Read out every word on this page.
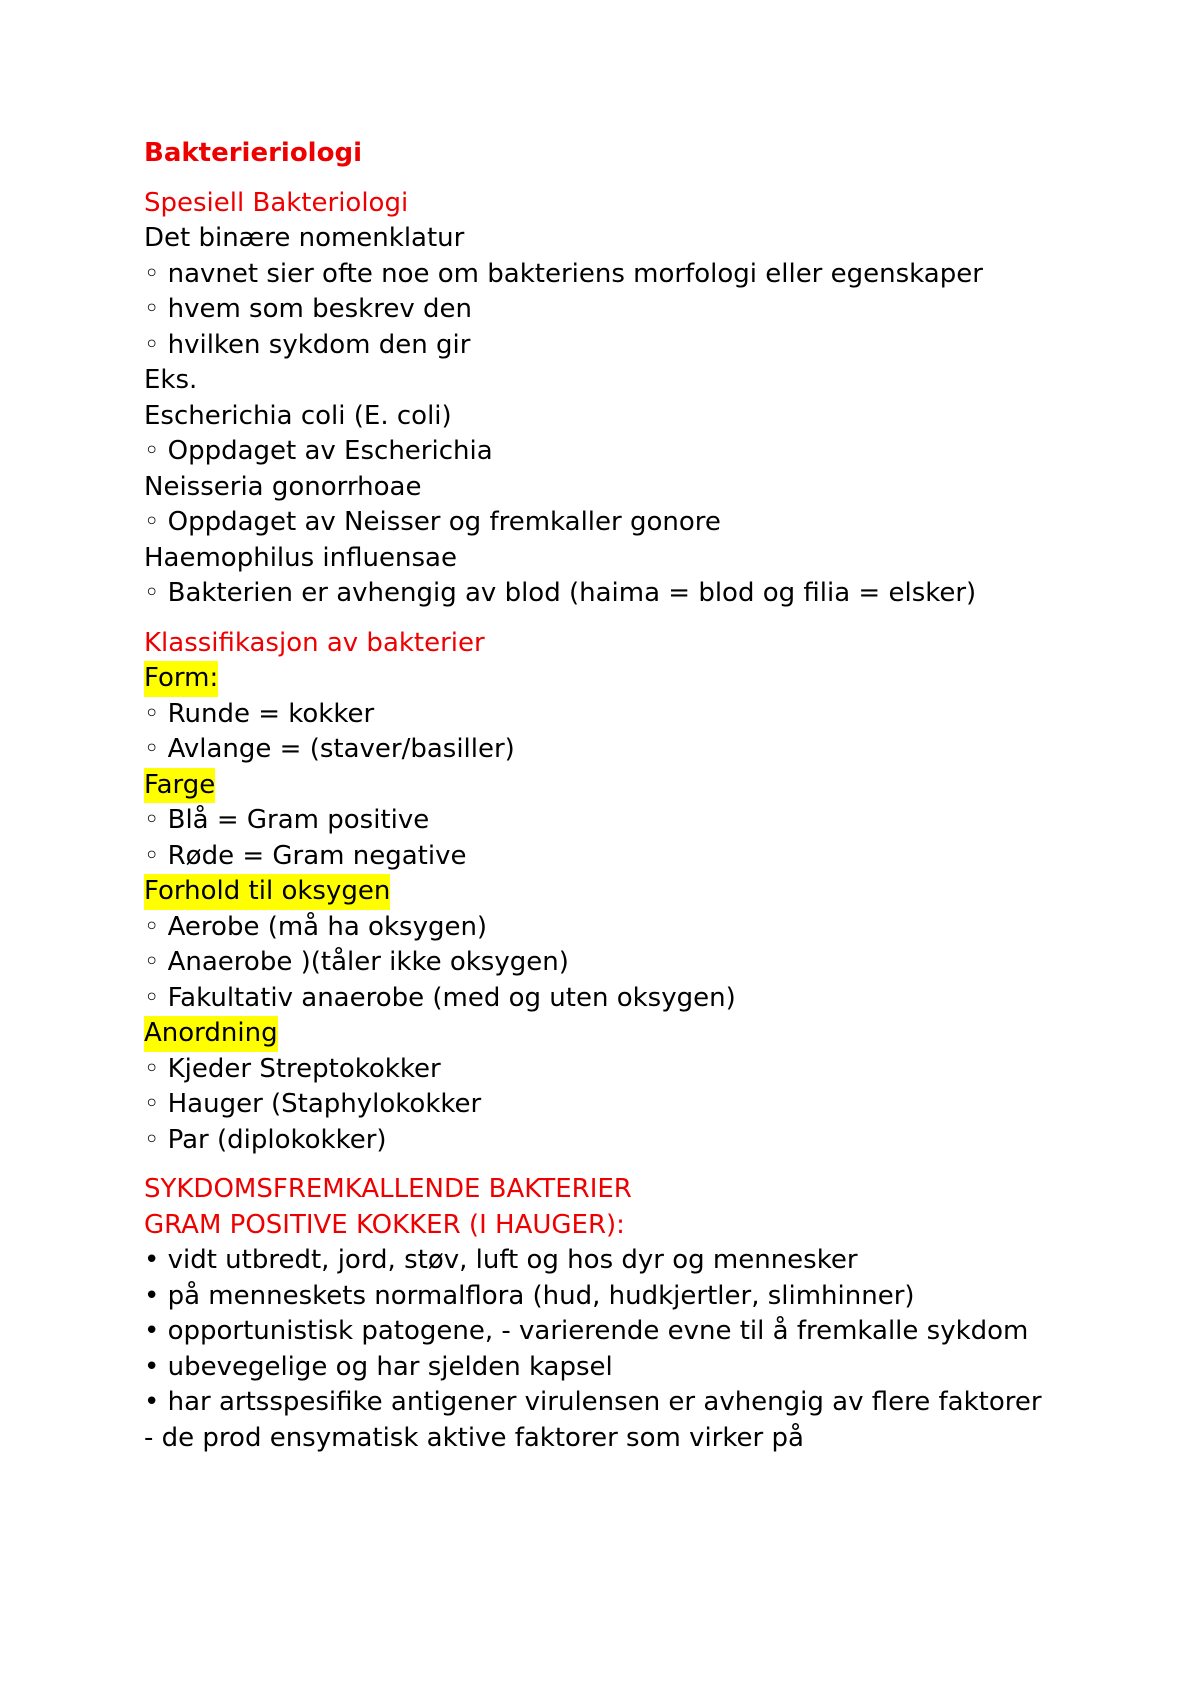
Bakterieriologi
Spesiell Bakteriologi
Det binære nomenklatur
◦ navnet sier ofte noe om bakteriens morfologi eller egenskaper
◦ hvem som beskrev den
◦ hvilken sykdom den gir
Eks.
Escherichia coli (E. coli)
◦ Oppdaget av Escherichia
Neisseria gonorrhoae
◦ Oppdaget av Neisser og fremkaller gonore
Haemophilus influensae
◦ Bakterien er avhengig av blod (haima = blod og filia = elsker)
Klassifikasjon av bakterier
Form:
◦ Runde = kokker
◦ Avlange = (staver/basiller)
Farge
◦ Blå = Gram positive
◦ Røde = Gram negative
Forhold til oksygen
◦ Aerobe (må ha oksygen)
◦ Anaerobe )(tåler ikke oksygen)
◦ Fakultativ anaerobe (med og uten oksygen)
Anordning
◦ Kjeder Streptokokker
◦ Hauger (Staphylokokker
◦ Par (diplokokker)
SYKDOMSFREMKALLENDE BAKTERIER
GRAM POSITIVE KOKKER (I HAUGER):
• vidt utbredt, jord, støv, luft og hos dyr og mennesker
• på menneskets normalflora (hud, hudkjertler, slimhinner)
• opportunistisk patogene, - varierende evne til å fremkalle sykdom
• ubevegelige og har sjelden kapsel
• har artsspesifike antigener virulensen er avhengig av flere faktorer
- de prod ensymatisk aktive faktorer som virker på
